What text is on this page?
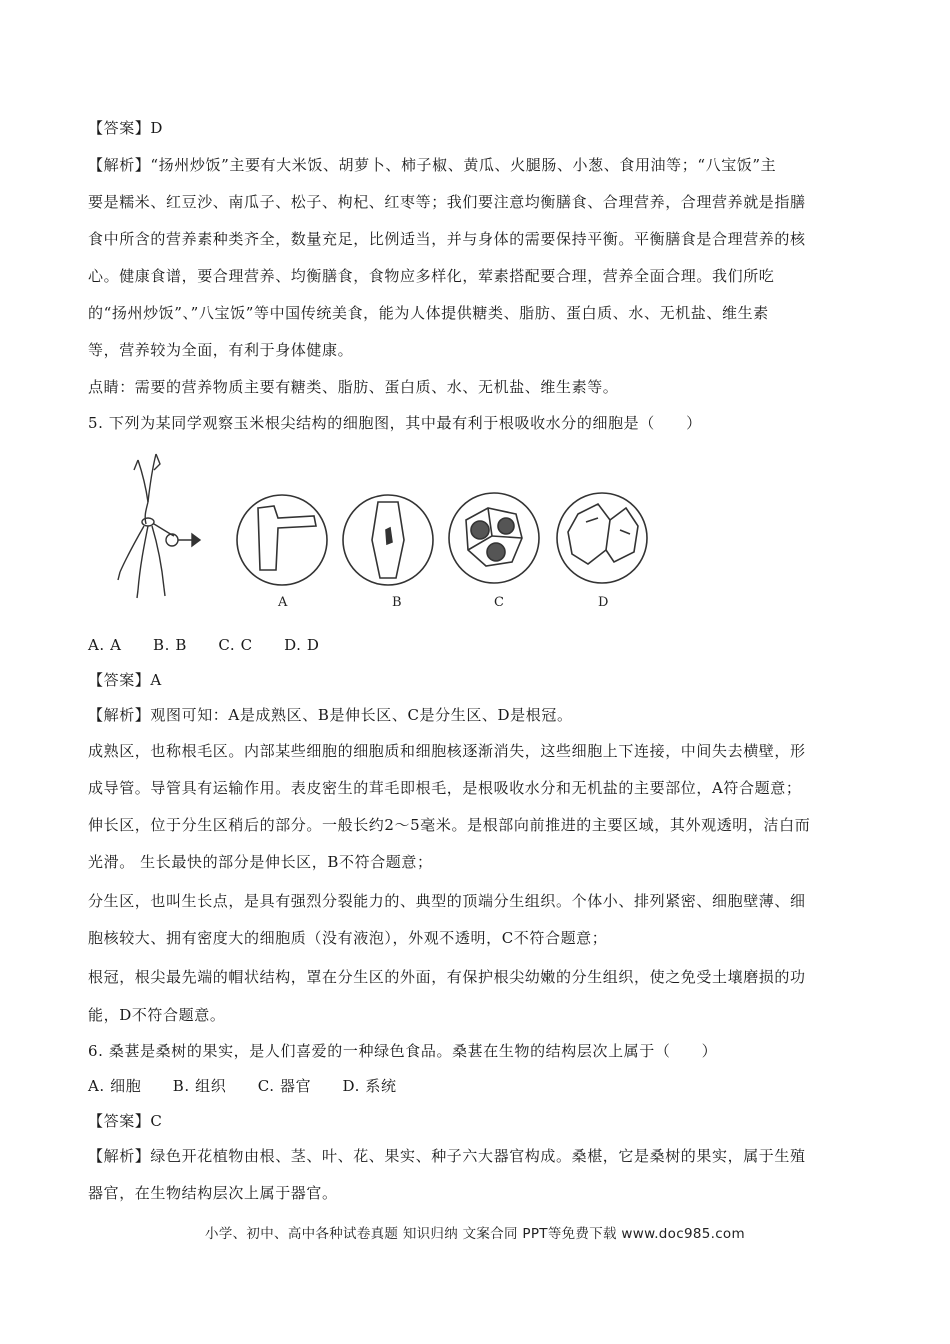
【答案】D
【解析】“扬州炒饭”主要有大米饭、胡萝卜、柿子椒、黄瓜、火腿肠、小葱、食用油等；“八宝饭”主
要是糯米、红豆沙、南瓜子、松子、枸杞、红枣等；我们要注意均衡膳食、合理营养，合理营养就是指膳
食中所含的营养素种类齐全，数量充足，比例适当，并与身体的需要保持平衡。平衡膳食是合理营养的核
心。健康食谱，要合理营养、均衡膳食，食物应多样化，荤素搭配要合理，营养全面合理。我们所吃
的“扬州炒饭”、”八宝饭”等中国传统美食，能为人体提供糖类、脂肪、蛋白质、水、无机盐、维生素
等，营养较为全面，有利于身体健康。
点睛：需要的营养物质主要有糖类、脂肪、蛋白质、水、无机盐、维生素等。
5. 下列为某同学观察玉米根尖结构的细胞图，其中最有利于根吸收水分的细胞是（　　）
A	B	C	D
A. A B. B C. C D. D
【答案】A
【解析】观图可知：A是成熟区、B是伸长区、C是分生区、D是根冠。
成熟区，也称根毛区。内部某些细胞的细胞质和细胞核逐渐消失，这些细胞上下连接，中间失去横壁，形
成导管。导管具有运输作用。表皮密生的茸毛即根毛，是根吸收水分和无机盐的主要部位，A符合题意；
伸长区，位于分生区稍后的部分。一般长约2～5毫米。是根部向前推进的主要区域，其外观透明，洁白而
光滑。 生长最快的部分是伸长区，B不符合题意；
分生区，也叫生长点，是具有强烈分裂能力的、典型的顶端分生组织。个体小、排列紧密、细胞壁薄、细
胞核较大、拥有密度大的细胞质（没有液泡），外观不透明，C不符合题意；
根冠，根尖最先端的帽状结构，罩在分生区的外面，有保护根尖幼嫩的分生组织，使之免受土壤磨损的功
能，D不符合题意。
6. 桑葚是桑树的果实，是人们喜爱的一种绿色食品。桑葚在生物的结构层次上属于（　　）
A. 细胞 B. 组织 C. 器官 D. 系统
【答案】C
【解析】绿色开花植物由根、茎、叶、花、果实、种子六大器官构成。桑椹，它是桑树的果实，属于生殖
器官，在生物结构层次上属于器官。
小学、初中、高中各种试卷真题 知识归纳 文案合同 PPT等免费下载 www.doc985.com
